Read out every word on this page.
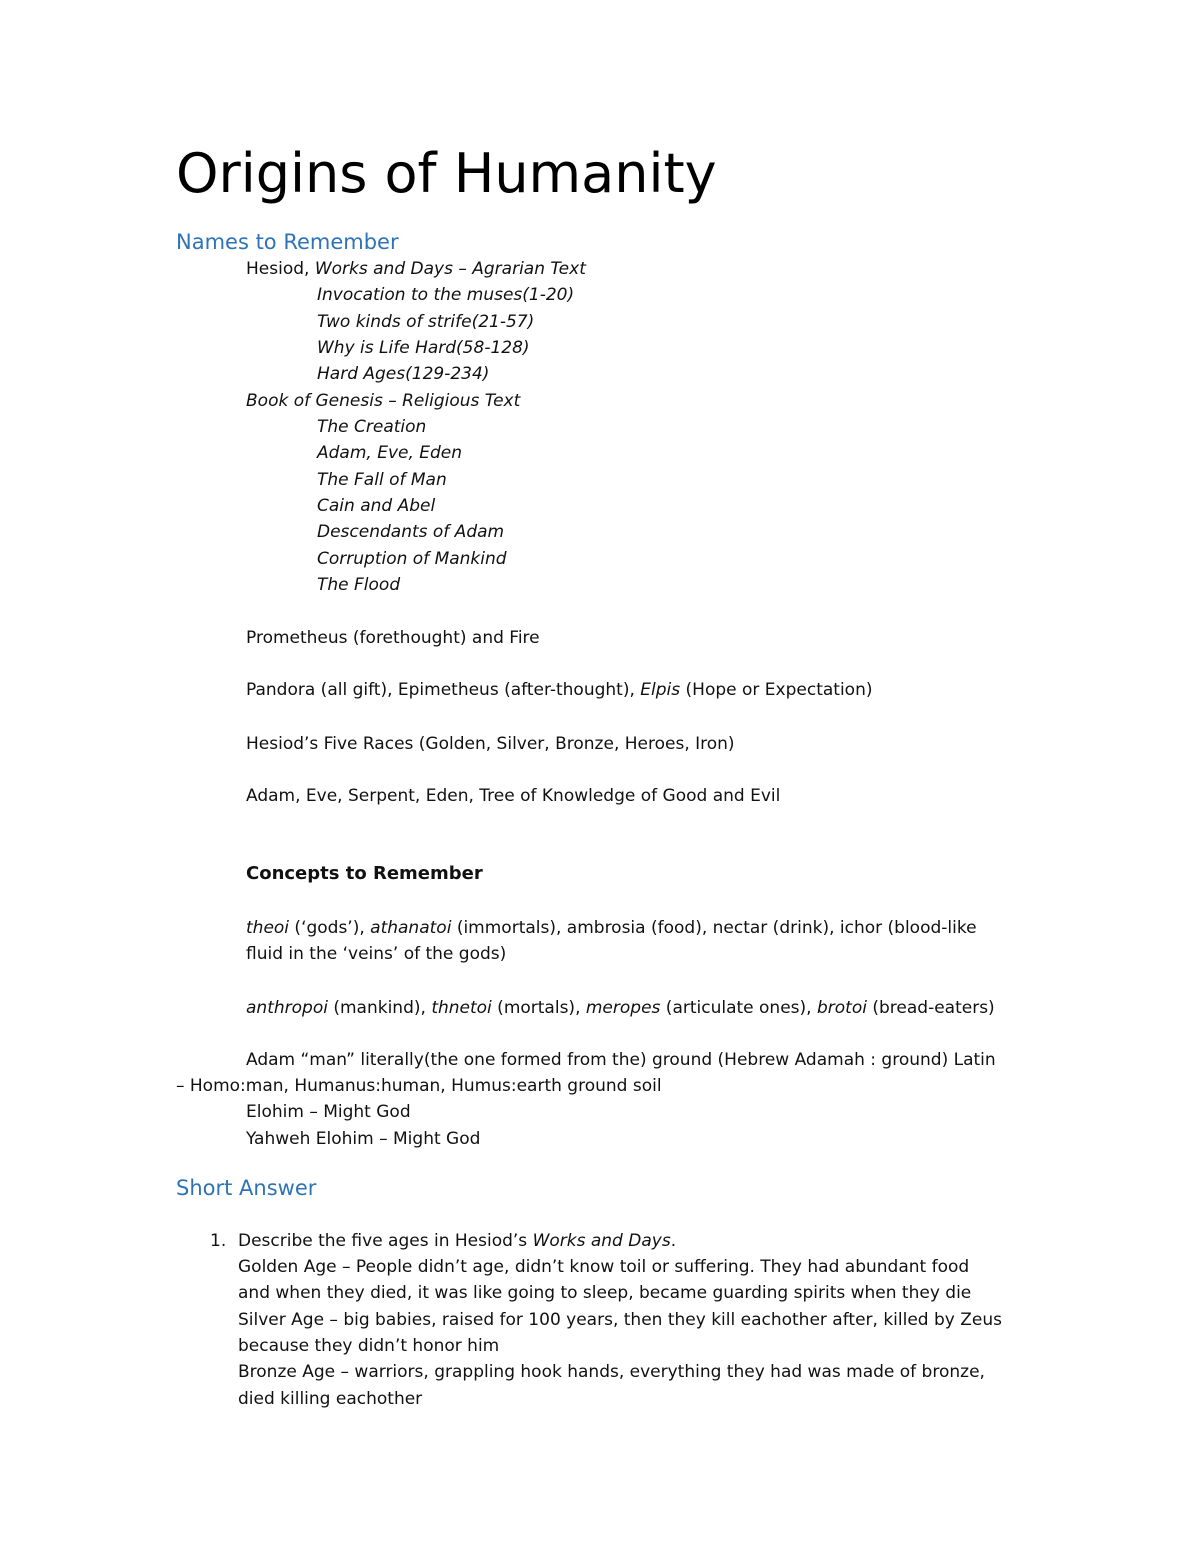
Origins of Humanity
Names to Remember
Hesiod, Works and Days – Agrarian Text
Invocation to the muses(1-20)
Two kinds of strife(21-57)
Why is Life Hard(58-128)
Hard Ages(129-234)
Book of Genesis – Religious Text
The Creation
Adam, Eve, Eden
The Fall of Man
Cain and Abel
Descendants of Adam
Corruption of Mankind
The Flood
Prometheus (forethought) and Fire
Pandora (all gift), Epimetheus (after-thought), Elpis (Hope or Expectation)
Hesiod’s Five Races (Golden, Silver, Bronze, Heroes, Iron)
Adam, Eve, Serpent, Eden, Tree of Knowledge of Good and Evil
Concepts to Remember
theoi (‘gods’), athanatoi (immortals), ambrosia (food), nectar (drink), ichor (blood-like
fluid in the ‘veins’ of the gods)
anthropoi (mankind), thnetoi (mortals), meropes (articulate ones), brotoi (bread-eaters)
Adam “man” literally(the one formed from the) ground (Hebrew Adamah : ground) Latin
– Homo:man, Humanus:human, Humus:earth ground soil
Elohim – Might God
Yahweh Elohim – Might God
Short Answer
1. Describe the five ages in Hesiod’s Works and Days.
Golden Age – People didn’t age, didn’t know toil or suffering. They had abundant food
and when they died, it was like going to sleep, became guarding spirits when they die
Silver Age – big babies, raised for 100 years, then they kill eachother after, killed by Zeus
because they didn’t honor him
Bronze Age – warriors, grappling hook hands, everything they had was made of bronze,
died killing eachother
